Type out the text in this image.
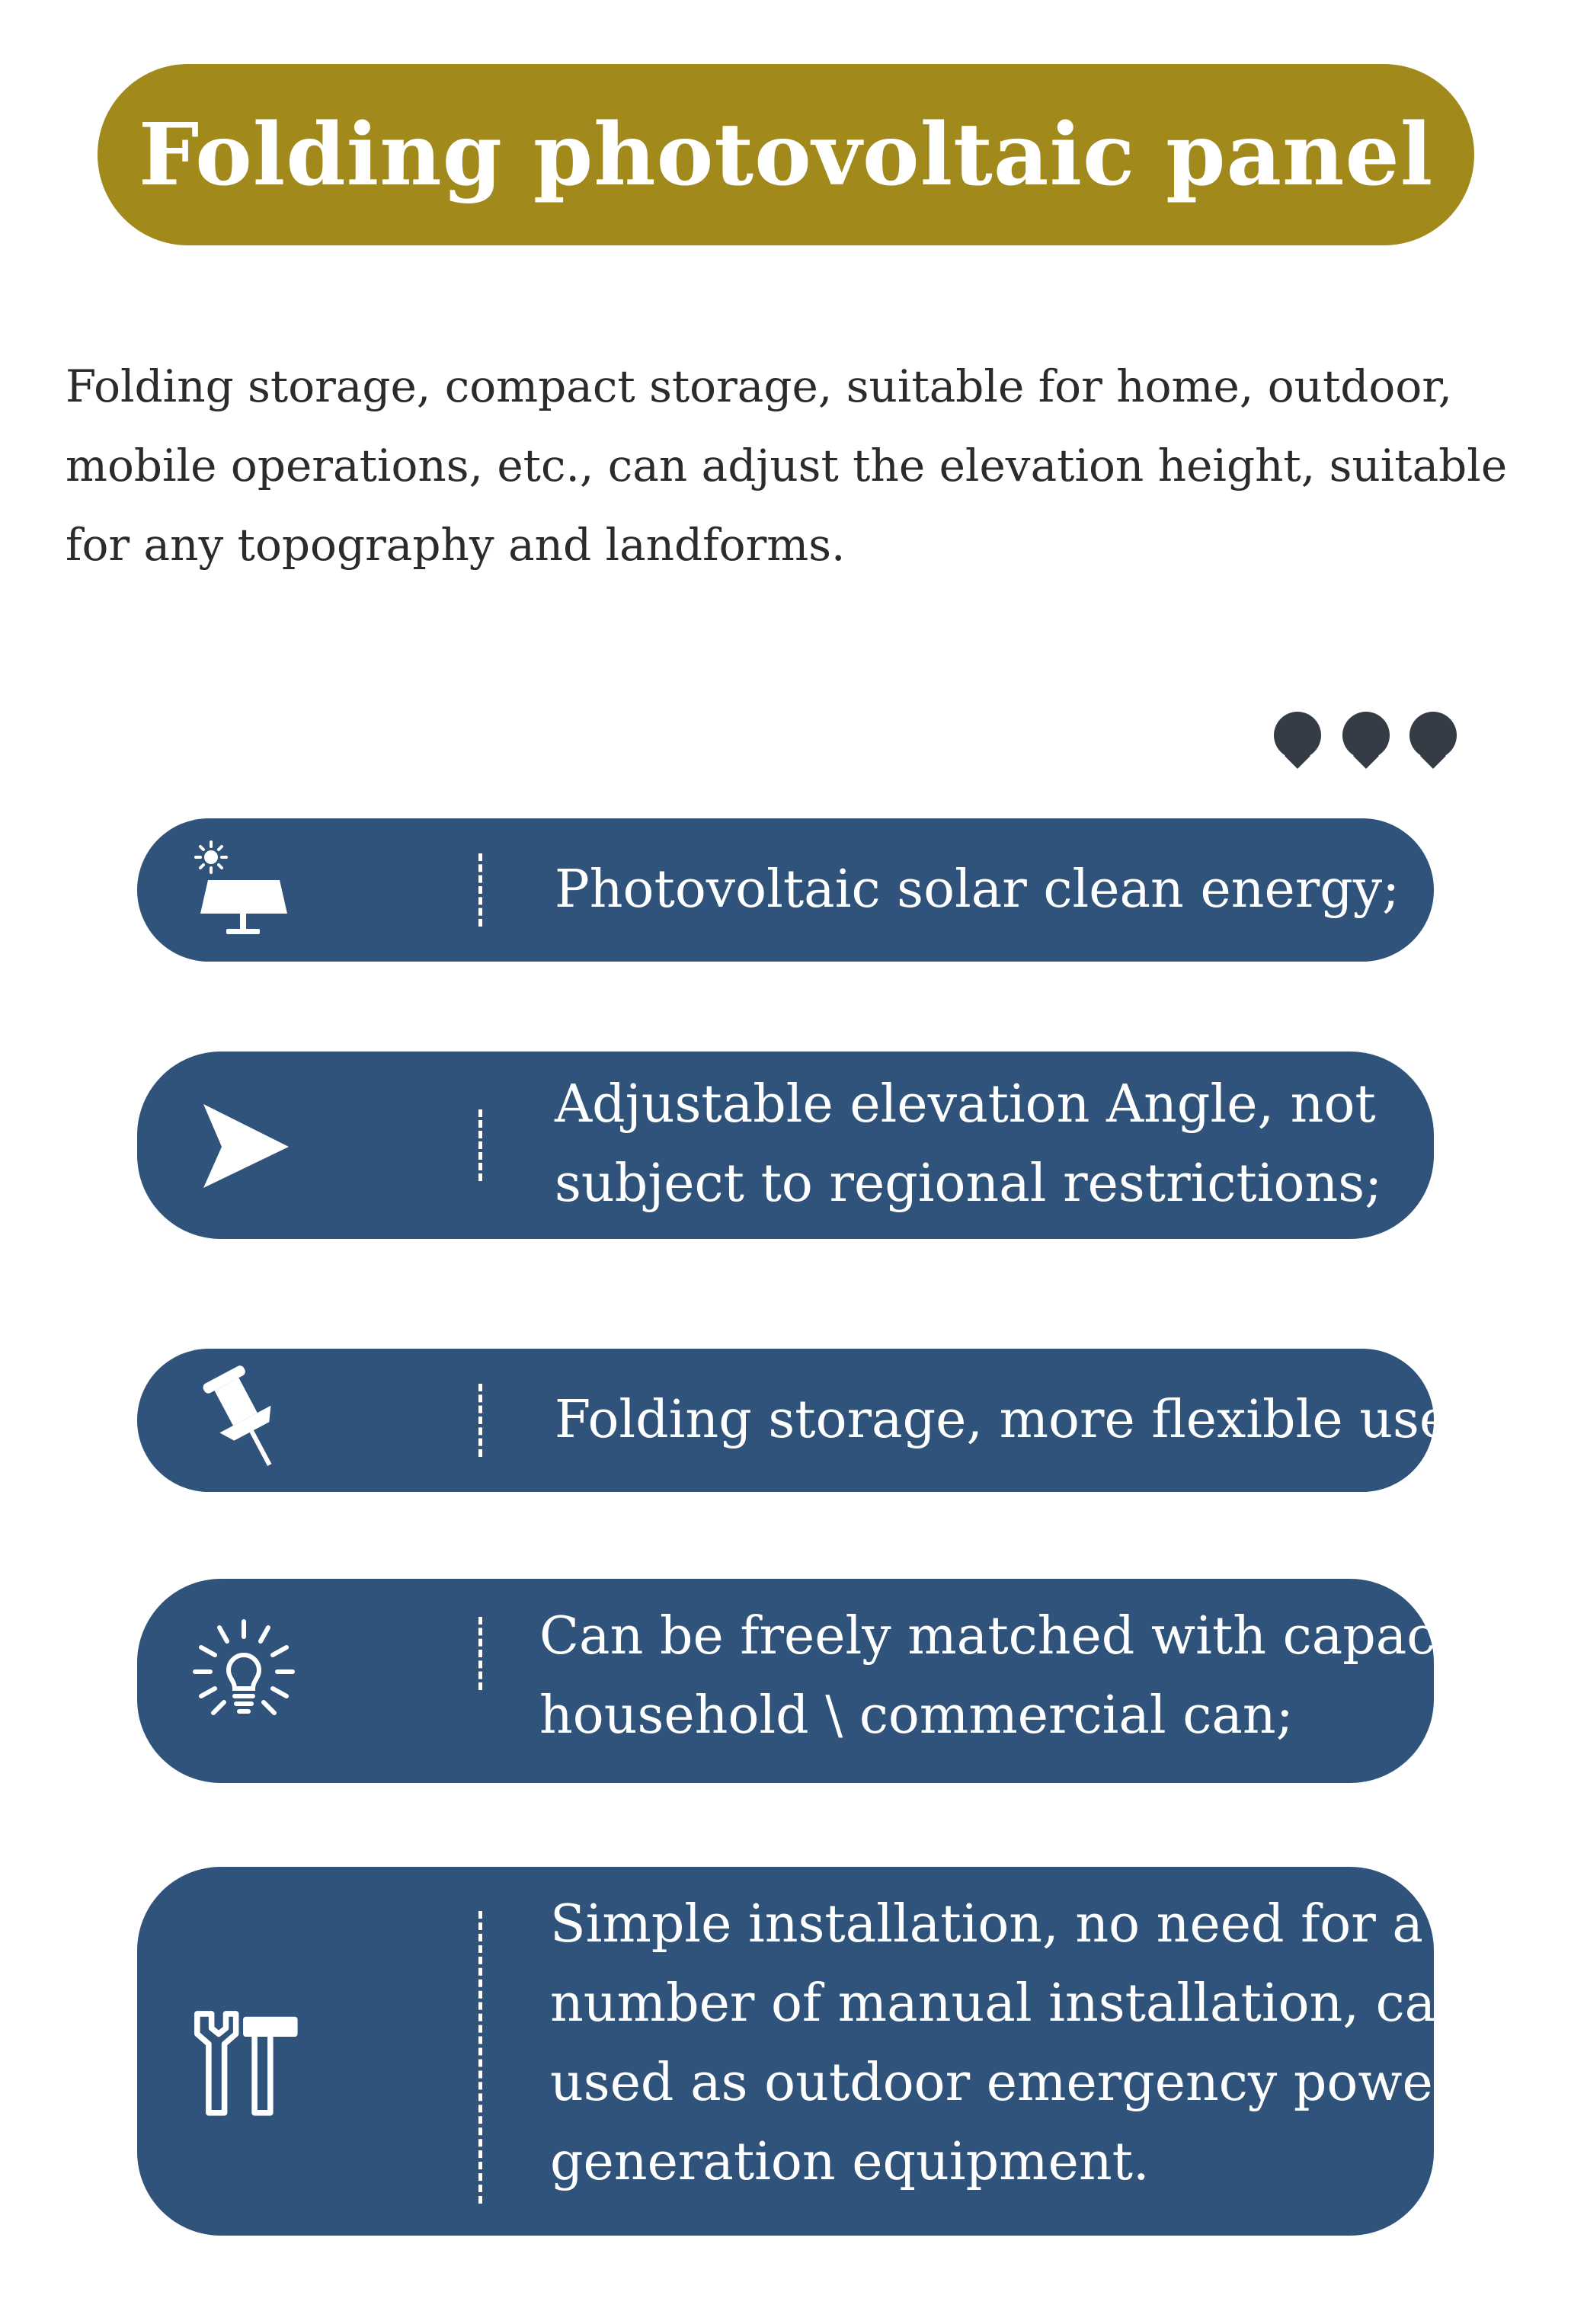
Folding photovoltaic panel
Folding storage, compact storage, suitable for home, outdoor,
mobile operations, etc., can adjust the elevation height, suitable
for any topography and landforms.
Photovoltaic solar clean energy;
Adjustable elevation Angle, not
subject to regional restrictions;
Folding storage, more flexible use;
Can be freely matched with capacity,
household \ commercial can;
Simple installation, no need for a large
number of manual installation, can be
used as outdoor emergency power
generation equipment.
